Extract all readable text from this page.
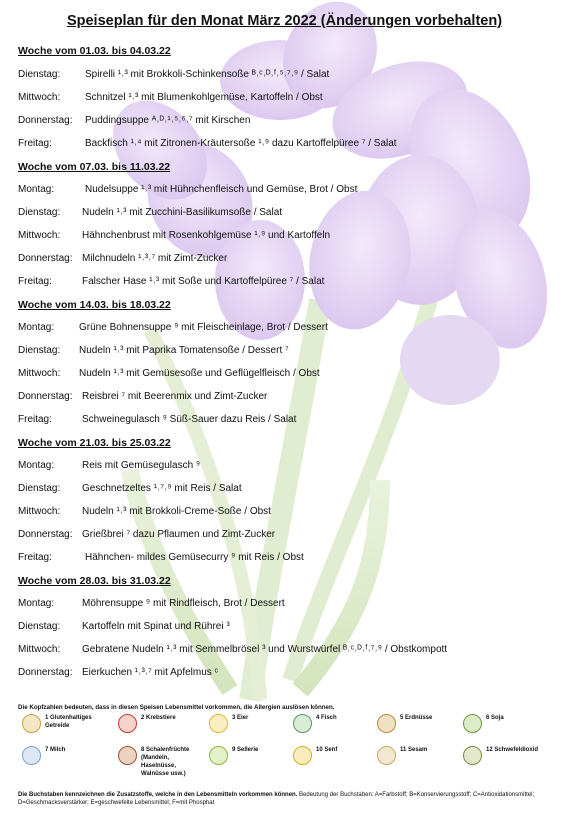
Speiseplan für den Monat März 2022 (Änderungen vorbehalten)
Woche vom 01.03. bis 04.03.22
Dienstag: Spirelli ¹˒³ mit Brokkoli-Schinkensoße ᴮ˒ᶜ˒ᴰ˒ᶠ˒⁵˒⁷˒⁹ / Salat
Mittwoch: Schnitzel ¹˒³ mit Blumenkohlgemüse, Kartoffeln / Obst
Donnerstag: Puddingsuppe ᴬ˒ᴰ˒¹˒⁵˒⁶˒⁷ mit Kirschen
Freitag:	Backfisch ¹˒⁴ mit Zitronen-Kräutersoße ¹˒⁹ dazu Kartoffelpüree ⁷ / Salat
Woche vom 07.03. bis 11.03.22
Montag:	Nudelsuppe ¹˒³ mit Hühnchenfleisch und Gemüse, Brot / Obst
Dienstag: Nudeln ¹˒³ mit Zucchini-Basilikumsoße / Salat
Mittwoch: Hähnchenbrust mit Rosenkohlgemüse ¹˒⁹ und Kartoffeln
Donnerstag: Milchnudeln ¹˒³˒⁷ mit Zimt-Zucker
Freitag:	Falscher Hase ¹˒³ mit Soße und Kartoffelpüree ⁷ / Salat
Woche vom 14.03. bis 18.03.22
Montag: Grüne Bohnensuppe ⁹ mit Fleischeinlage, Brot / Dessert
Dienstag: Nudeln ¹˒³ mit Paprika Tomatensoße / Dessert ⁷
Mittwoch: Nudeln ¹˒³ mit Gemüsesoße und Geflügelfleisch / Obst
Donnerstag: Reisbrei ⁷ mit Beerenmix und Zimt-Zucker
Freitag:	Schweinegulasch ⁹ Süß-Sauer dazu Reis / Salat
Woche vom 21.03. bis 25.03.22
Montag:	Reis mit Gemüsegulasch ⁹
Dienstag: Geschnetzeltes ¹˒⁷˒⁹ mit Reis / Salat
Mittwoch: Nudeln ¹˒³ mit Brokkoli-Creme-Soße / Obst
Donnerstag: Grießbrei ⁷ dazu Pflaumen und Zimt-Zucker
Freitag:	Hähnchen- mildes Gemüsecurry ⁹ mit Reis / Obst
Woche vom 28.03. bis 31.03.22
Montag:	Möhrensuppe ⁹ mit Rindfleisch, Brot / Dessert
Dienstag: Kartoffeln mit Spinat und Rührei ³
Mittwoch: Gebratene Nudeln ¹˒³ mit Semmelbrösel ³ und Wurstwürfel ᴮ˒ᶜ˒ᴰ˒ᶠ˒⁷˒⁹ / Obstkompott
Donnerstag: Eierkuchen ¹˒³˒⁷ mit Apfelmus ᶜ
Die Kopfzahlen bedeuten, dass in diesen Speisen Lebensmittel vorkommen, die Allergien auslösen können.
1 Glutenhaltiges Getreide
2 Krebstiere	3 Eier	4 Fisch	5 Erdnüsse	6 Soja
7 Milch	8 Schalenfrüchte (Mandeln, Haselnüsse, Walnüsse usw.)
9 Sellerie	10 Senf	11 Sesam	12 Schwefeldioxid
Die Buchstaben kennzeichnen die Zusatzstoffe, welche in den Lebensmitteln vorkommen können. Bedeutung der Buchstaben: A=Farbstoff; B=Konservierungsstoff; C=Antioxidationsmittel; D=Geschmacksverstärker; E=geschwefelte Lebensmittel; F=mit Phosphat
